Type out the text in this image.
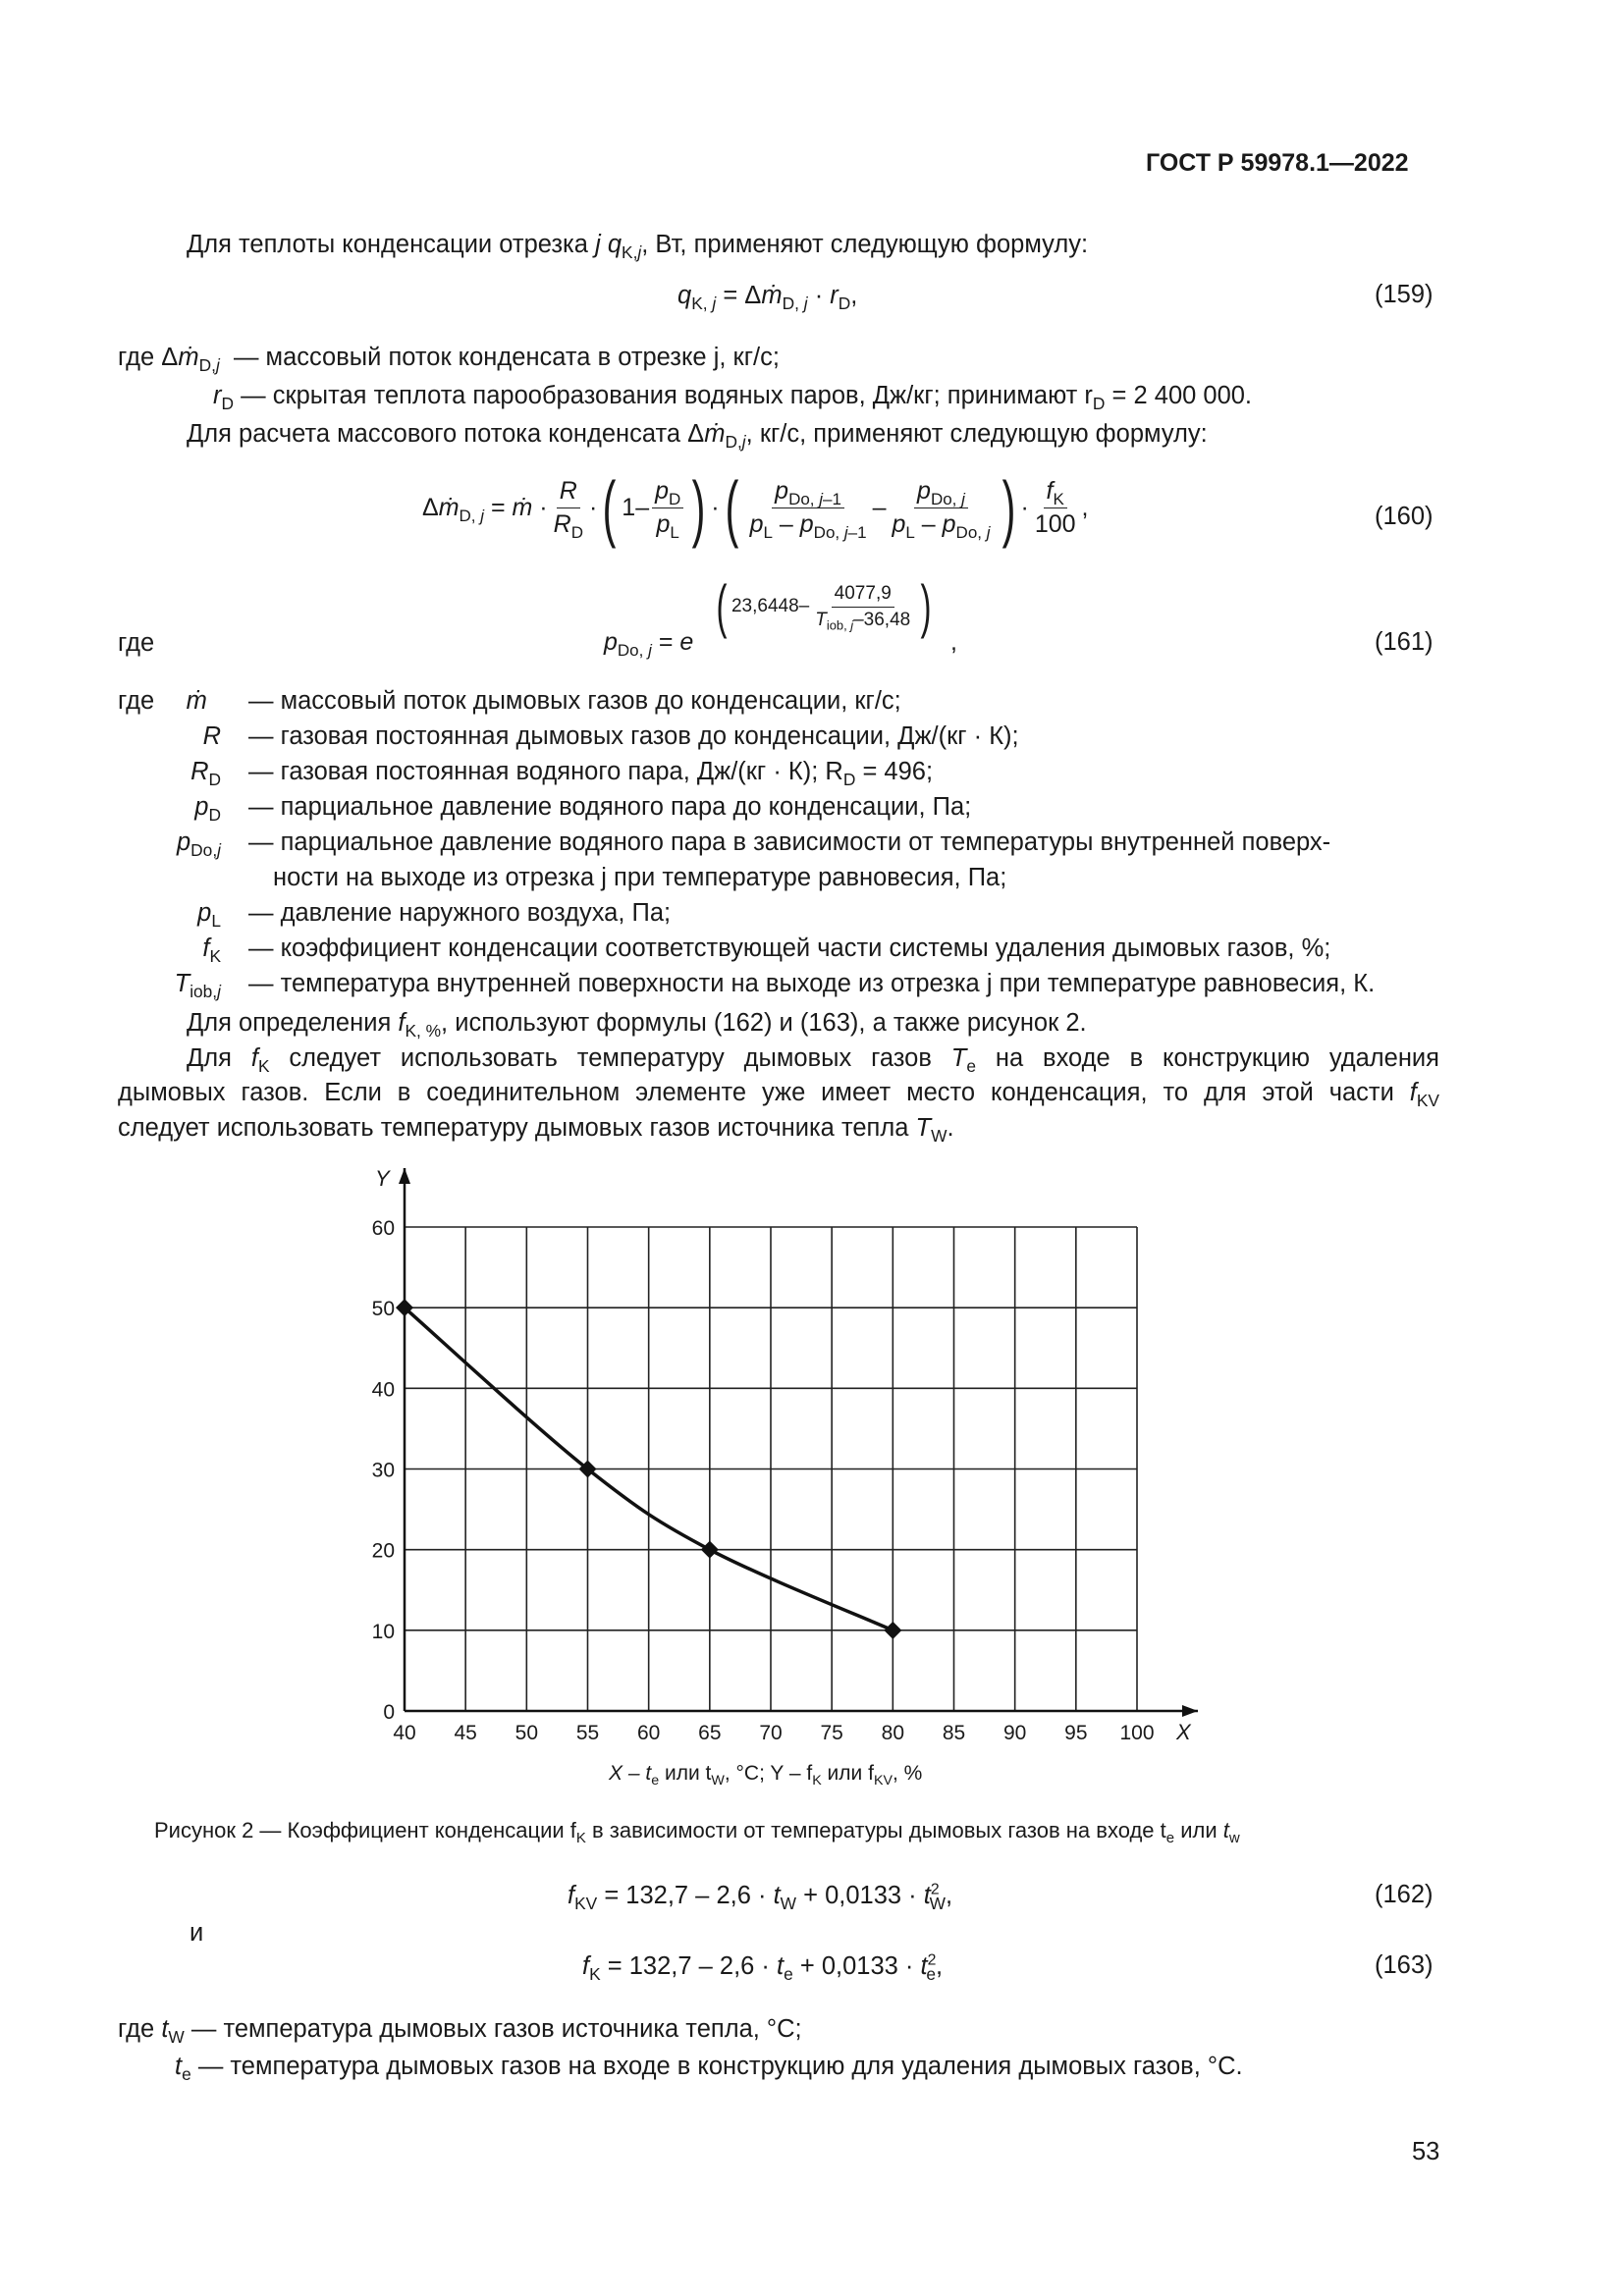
ГОСТ Р 59978.1—2022
Для теплоты конденсации отрезка j $q_{K,j}$, Вт, применяют следующую формулу:
$q_{K, j}$ = Δṁ$_{D, j}$ · $r_D$,	(159)
где Δṁ$_{D,j}$ — массовый поток конденсата в отрезке j, кг/с;
$r_D$ — скрытая теплота парообразования водяных паров, Дж/кг; принимают $r_D = 2$ 400 000.
Для расчета массового потока конденсата Δṁ$_{D,j}$, кг/с, применяют следующую формулу:
Δṁ$_{D, j}$ = ṁ · $\frac{R}{R_D}$ · ( $1- \frac{p_D}{p_L}$ ) · ( $\frac{p_{Do, j-1}}{p_L - p_{Do, j-1}} - \frac{p_{Do, j}}{p_L - p_{Do, j}}$ ) · $\frac{f_K}{100}$ ,	(160)
где	$p_{Do, j} = e$
( $23,6448- \frac{4077,9}{T_{iob, j}-36,48}$ )
,	(161)
где	ṁ — массовый поток дымовых газов до конденсации, кг/с;
R — газовая постоянная дымовых газов до конденсации, Дж/(кг · К);
$R_D$ — газовая постоянная водяного пара, Дж/(кг · К); $R_D = 496$;
$p_D$ — парциальное давление водяного пара до конденсации, Па;
$p_{Do,j}$ — парциальное давление водяного пара в зависимости от температуры внутренней поверх-
ности на выходе из отрезка j при температуре равновесия, Па;
$p_L$ — давление наружного воздуха, Па;
$f_K$ — коэффициент конденсации соответствующей части системы удаления дымовых газов, %;
$T_{iob,j}$ — температура внутренней поверхности на выходе из отрезка j при температуре равновесия, К.
Для определения $f_{K, \%}$, используют формулы (162) и (163), а также рисунок 2.
Для $f_K$ следует использовать температуру дымовых газов $T_e$ на входе в конструкцию удаления
дымовых газов. Если в соединительном элементе уже имеет место конденсация, то для этой части $f_{KV}$
следует использовать температуру дымовых газов источника тепла $T_W$.
Y
X
40 45 50 55 60 65 70 75 80 85 90 95 100
0
10
20
30
40
50
60
X – $t_e$ или $t_W$, °C; Y – $f_K$ или $f_{KV}$, %
Рисунок 2 — Коэффициент конденсации $f_K$ в зависимости от температуры дымовых газов на входе $t_e$ или $t_w$
$f_{KV} = 132,7 - 2,6 \cdot t_W + 0,0133 \cdot t^2_W$,	(162)
и
$f_K = 132,7 - 2,6 \cdot t_e + 0,0133 \cdot t^2_e$,	(163)
где $t_W$ — температура дымовых газов источника тепла, °C;
$t_e$ — температура дымовых газов на входе в конструкцию для удаления дымовых газов, °C.
53
